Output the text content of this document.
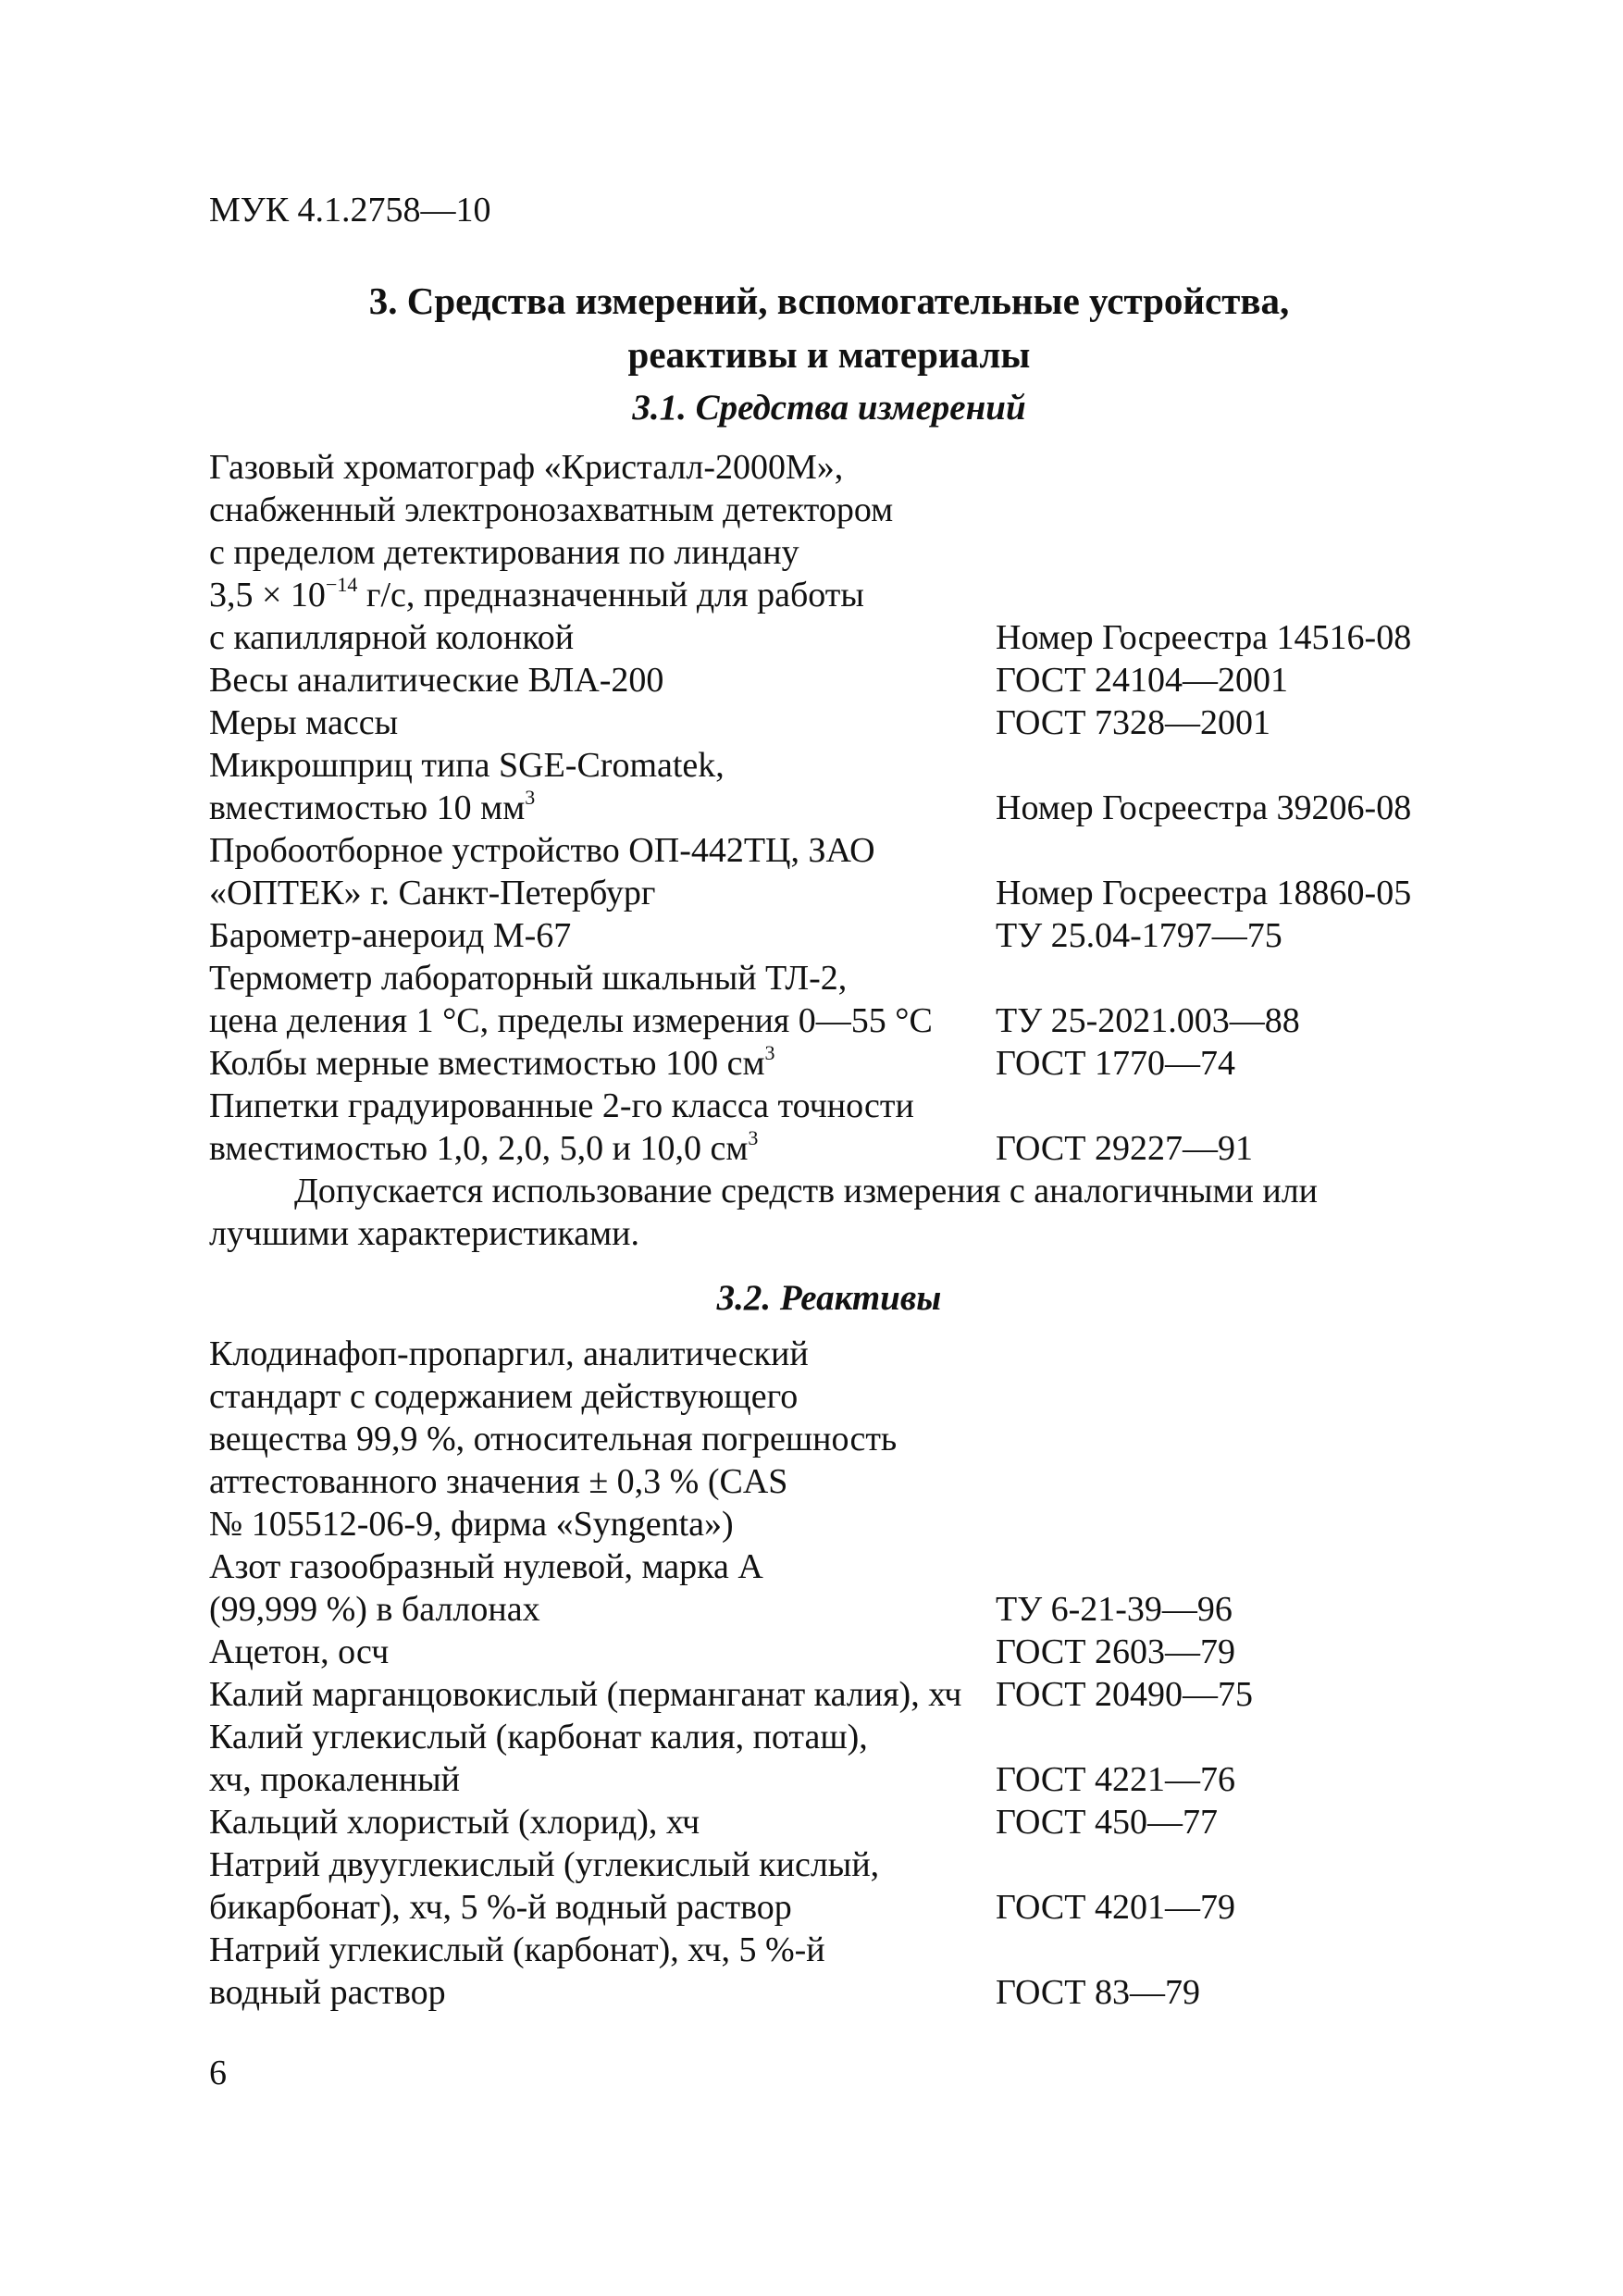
МУК 4.1.2758—10
3. Средства измерений, вспомогательные устройства,
реактивы и материалы
3.1. Средства измерений
Газовый хроматограф «Кристалл-2000М»,
снабженный электронозахватным детектором
с пределом детектирования по линдану
$3,5 \times 10^{-14}$ г/с, предназначенный для работы
с капиллярной колонкой	Номер Госреестра 14516-08
Весы аналитические ВЛА-200	ГОСТ 24104—2001
Меры массы	ГОСТ 7328—2001
Микрошприц типа SGE-Cromatek,
вместимостью 10 $мм^3$	Номер Госреестра 39206-08
Пробоотборное устройство ОП-442ТЦ, ЗАО
«ОПТЕК» г. Санкт-Петербург	Номер Госреестра 18860-05
Барометр-анероид М-67	ТУ 25.04-1797—75
Термометр лабораторный шкальный ТЛ-2,
цена деления 1 °С, пределы измерения 0—55 °С	ТУ 25-2021.003—88
Колбы мерные вместимостью 100 $см^3$	ГОСТ 1770—74
Пипетки градуированные 2-го класса точности
вместимостью 1,0, 2,0, 5,0 и 10,0 $см^3$	ГОСТ 29227—91
Допускается использование средств измерения с аналогичными или
лучшими характеристиками.
3.2. Реактивы
Клодинафоп-пропаргил, аналитический
стандарт с содержанием действующего
вещества 99,9 %, относительная погрешность
аттестованного значения ± 0,3 % (CAS
№ 105512-06-9, фирма «Syngenta»)
Азот газообразный нулевой, марка А
(99,999 %) в баллонах	ТУ 6-21-39—96
Ацетон, осч	ГОСТ 2603—79
Калий марганцовокислый (перманганат калия), хч ГОСТ 20490—75
Калий углекислый (карбонат калия, поташ),
хч, прокаленный	ГОСТ 4221—76
Кальций хлористый (хлорид), хч	ГОСТ 450—77
Натрий двууглекислый (углекислый кислый,
бикарбонат), хч, 5 %-й водный раствор	ГОСТ 4201—79
Натрий углекислый (карбонат), хч, 5 %-й
водный раствор	ГОСТ 83—79
6
